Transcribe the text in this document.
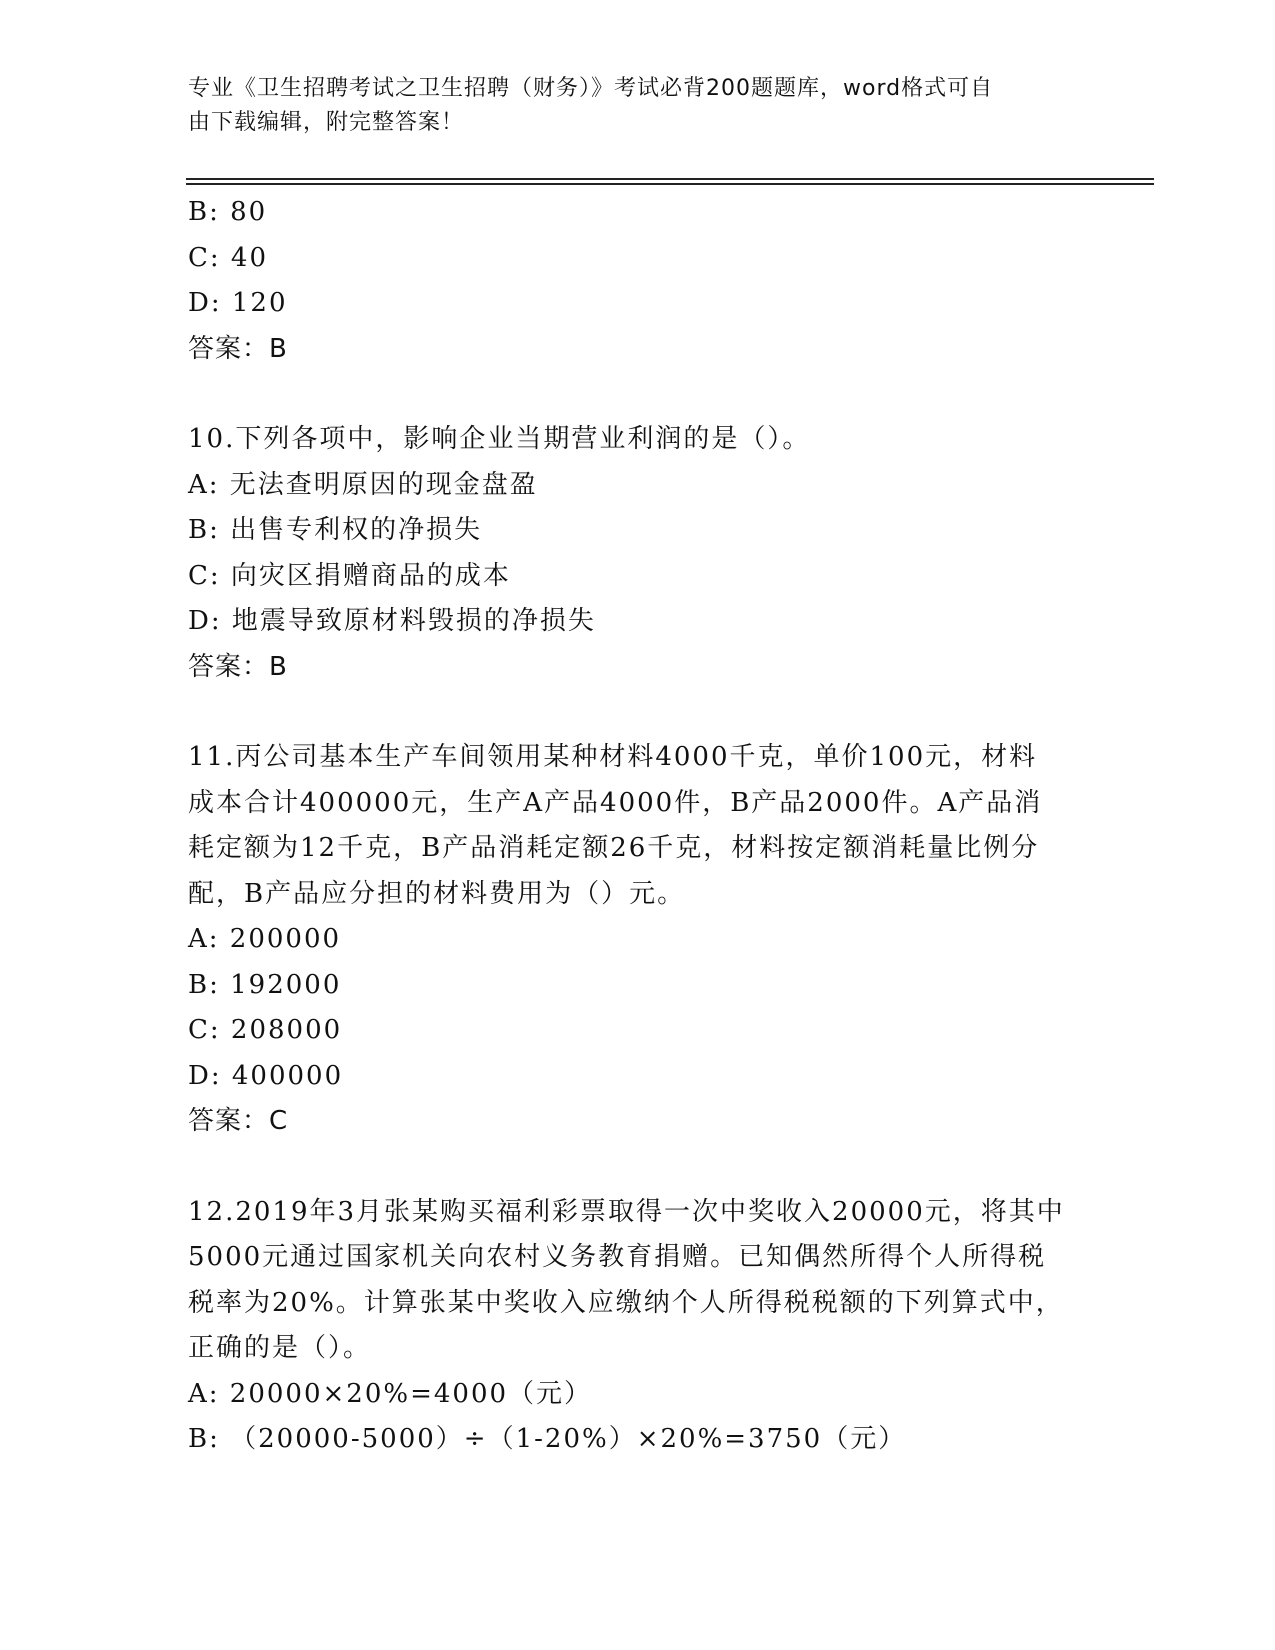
专业《卫生招聘考试之卫生招聘（财务）》考试必背200题题库，word格式可自
由下载编辑，附完整答案！

B: 80

C: 40

D: 120

答案：B

10.下列各项中，影响企业当期营业利润的是（）。

A: 无法查明原因的现金盘盈

B: 出售专利权的净损失

C: 向灾区捐赠商品的成本

D: 地震导致原材料毁损的净损失

答案：B

11.丙公司基本生产车间领用某种材料4000千克，单价100元，材料

成本合计400000元，生产A产品4000件，B产品2000件。A产品消

耗定额为12千克，B产品消耗定额26千克，材料按定额消耗量比例分

配，B产品应分担的材料费用为（）元。

A: 200000

B: 192000

C: 208000

D: 400000

答案：C

12.2019年3月张某购买福利彩票取得一次中奖收入20000元，将其中

5000元通过国家机关向农村义务教育捐赠。已知偶然所得个人所得税

税率为20%。计算张某中奖收入应缴纳个人所得税税额的下列算式中，

正确的是（）。

A: 20000×20%=4000（元）

B: （20000-5000）÷（1-20%）×20%=3750（元）
